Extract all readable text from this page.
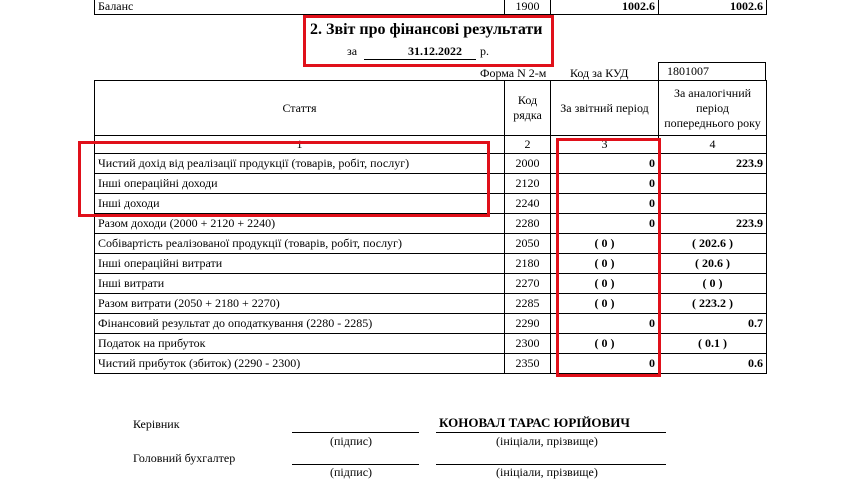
Баланс	1900	1002.6	1002.6
2. Звіт про фінансові результати
за	31.12.2022 р.
Форма N 2-м Код за КУД	1801007
Стаття	Код рядка	За звітний період	За аналогічний період попереднього року
1	2	3	4
Чистий дохід від реалізації продукції (товарів, робіт, послуг)	2000	0	223.9
Інші операційні доходи	2120	0	
Інші доходи	2240	0	
Разом доходи (2000 + 2120 + 2240)	2280	0	223.9
Собівартість реалізованої продукції (товарів, робіт, послуг)	2050	( 0 )	( 202.6 )
Інші операційні витрати	2180	( 0 )	( 20.6 )
Інші витрати	2270	( 0 )	( 0 )
Разом витрати (2050 + 2180 + 2270)	2285	( 0 )	( 223.2 )
Фінансовий результат до оподаткування (2280 - 2285)	2290	0	0.7
Податок на прибуток	2300	( 0 )	( 0.1 )
Чистий прибуток (збиток) (2290 - 2300)	2350	0	0.6
Керівник	КОНОВАЛ ТАРАС ЮРІЙОВИЧ
(підпис)	(ініціали, прізвище)
Головний бухгалтер
(підпис)	(ініціали, прізвище)
